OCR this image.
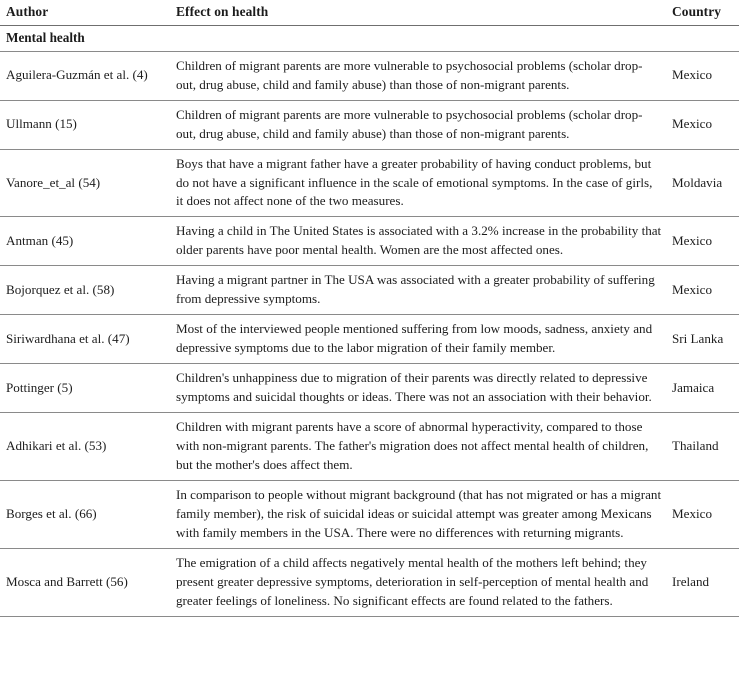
Author	Effect on health	Country
Mental health		
Aguilera-Guzmán et al. (4)	Children of migrant parents are more vulnerable to psychosocial problems (scholar drop-out, drug abuse, child and family abuse) than those of non-migrant parents.	Mexico
Ullmann (15)	Children of migrant parents are more vulnerable to psychosocial problems (scholar drop-out, drug abuse, child and family abuse) than those of non-migrant parents.	Mexico
Vanore_et_al (54)	Boys that have a migrant father have a greater probability of having conduct problems, but do not have a significant influence in the scale of emotional symptoms. In the case of girls, it does not affect none of the two measures.	Moldavia
Antman (45)	Having a child in The United States is associated with a 3.2% increase in the probability that older parents have poor mental health. Women are the most affected ones.	Mexico
Bojorquez et al. (58)	Having a migrant partner in The USA was associated with a greater probability of suffering from depressive symptoms.	Mexico
Siriwardhana et al. (47)	Most of the interviewed people mentioned suffering from low moods, sadness, anxiety and depressive symptoms due to the labor migration of their family member.	Sri Lanka
Pottinger (5)	Children's unhappiness due to migration of their parents was directly related to depressive symptoms and suicidal thoughts or ideas. There was not an association with their behavior.	Jamaica
Adhikari et al. (53)	Children with migrant parents have a score of abnormal hyperactivity, compared to those with non-migrant parents. The father's migration does not affect mental health of children, but the mother's does affect them.	Thailand
Borges et al. (66)	In comparison to people without migrant background (that has not migrated or has a migrant family member), the risk of suicidal ideas or suicidal attempt was greater among Mexicans with family members in the USA. There were no differences with returning migrants.	Mexico
Mosca and Barrett (56)	The emigration of a child affects negatively mental health of the mothers left behind; they present greater depressive symptoms, deterioration in self-perception of mental health and greater feelings of loneliness. No significant effects are found related to the fathers.	Ireland
